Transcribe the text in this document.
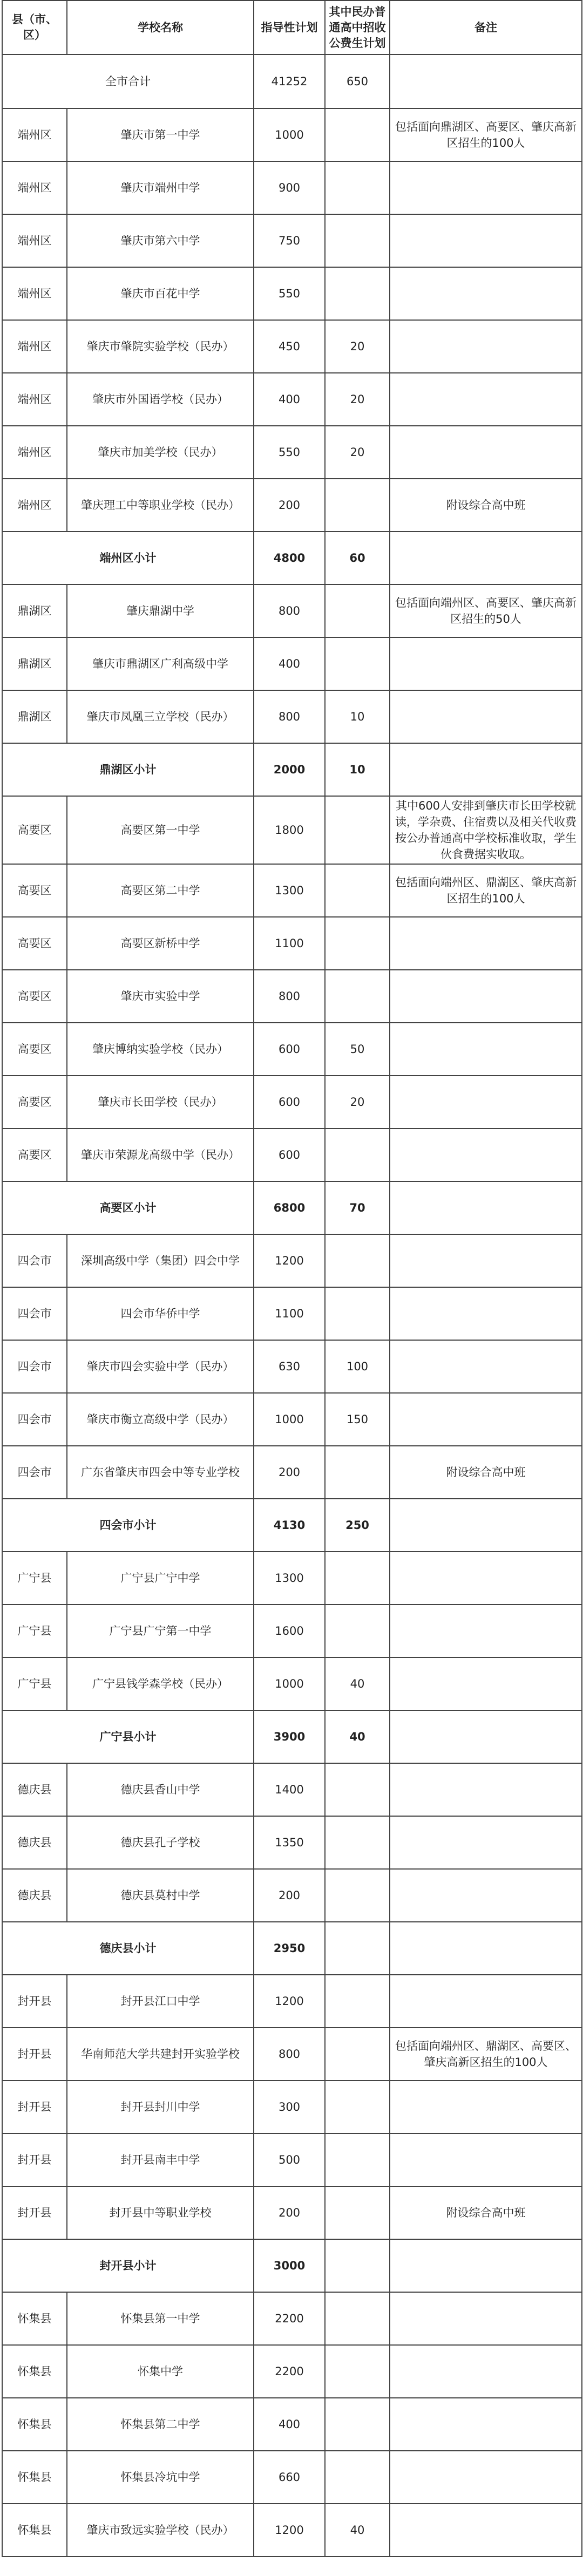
县（市、区）	学校名称	指导性计划	其中民办普通高中招收公费生计划	备注
全市合计		41252	650	
端州区	肇庆市第一中学	1000		包括面向鼎湖区、高要区、肇庆高新区招生的100人
端州区	肇庆市端州中学	900		
端州区	肇庆市第六中学	750		
端州区	肇庆市百花中学	550		
端州区	肇庆市肇院实验学校（民办）	450	20	
端州区	肇庆市外国语学校（民办）	400	20	
端州区	肇庆市加美学校（民办）	550	20	
端州区	肇庆理工中等职业学校（民办）	200		附设综合高中班
端州区小计		4800	60	
鼎湖区	肇庆鼎湖中学	800		包括面向端州区、高要区、肇庆高新区招生的50人
鼎湖区	肇庆市鼎湖区广利高级中学	400		
鼎湖区	肇庆市凤凰三立学校（民办）	800	10	
鼎湖区小计		2000	10	
高要区	高要区第一中学	1800		其中600人安排到肇庆市长田学校就读，学杂费、住宿费以及相关代收费按公办普通高中学校标准收取，学生伙食费据实收取。
高要区	高要区第二中学	1300		包括面向端州区、鼎湖区、肇庆高新区招生的100人
高要区	高要区新桥中学	1100		
高要区	肇庆市实验中学	800		
高要区	肇庆博纳实验学校（民办）	600	50	
高要区	肇庆市长田学校（民办）	600	20	
高要区	肇庆市荣源龙高级中学（民办）	600		
高要区小计		6800	70	
四会市	深圳高级中学（集团）四会中学	1200		
四会市	四会市华侨中学	1100		
四会市	肇庆市四会实验中学（民办）	630	100	
四会市	肇庆市衡立高级中学（民办）	1000	150	
四会市	广东省肇庆市四会中等专业学校	200		附设综合高中班
四会市小计		4130	250	
广宁县	广宁县广宁中学	1300		
广宁县	广宁县广宁第一中学	1600		
广宁县	广宁县钱学森学校（民办）	1000	40	
广宁县小计		3900	40	
德庆县	德庆县香山中学	1400		
德庆县	德庆县孔子学校	1350		
德庆县	德庆县莫村中学	200		
德庆县小计		2950		
封开县	封开县江口中学	1200		
封开县	华南师范大学共建封开实验学校	800		包括面向端州区、鼎湖区、高要区、肇庆高新区招生的100人
封开县	封开县封川中学	300		
封开县	封开县南丰中学	500		
封开县	封开县中等职业学校	200		附设综合高中班
封开县小计		3000		
怀集县	怀集县第一中学	2200		
怀集县	怀集中学	2200		
怀集县	怀集县第二中学	400		
怀集县	怀集县冷坑中学	660		
怀集县	肇庆市致远实验学校（民办）	1200	40	
